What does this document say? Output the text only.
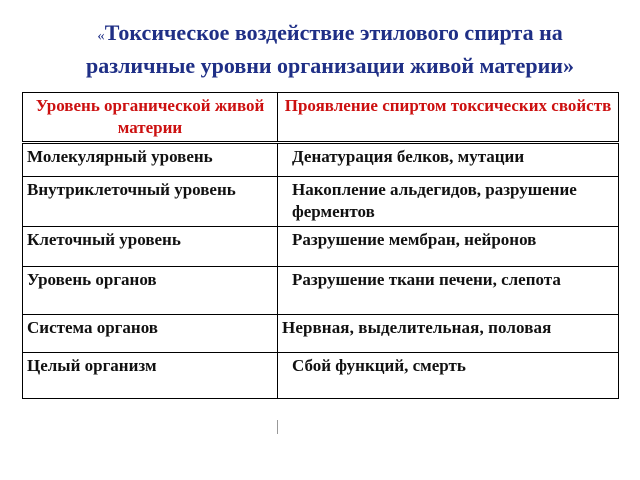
«Токсическое воздействие этилового спирта на различные уровни организации живой материи»
Уровень органической живой материи	Проявление спиртом токсических свойств
Молекулярный уровень	Денатурация белков, мутации
Внутриклеточный уровень	Накопление альдегидов, разрушение ферментов
Клеточный уровень	Разрушение мембран, нейронов
Уровень органов	Разрушение ткани печени, слепота
Система органов	Нервная, выделительная, половая
Целый организм	Сбой функций, смерть
